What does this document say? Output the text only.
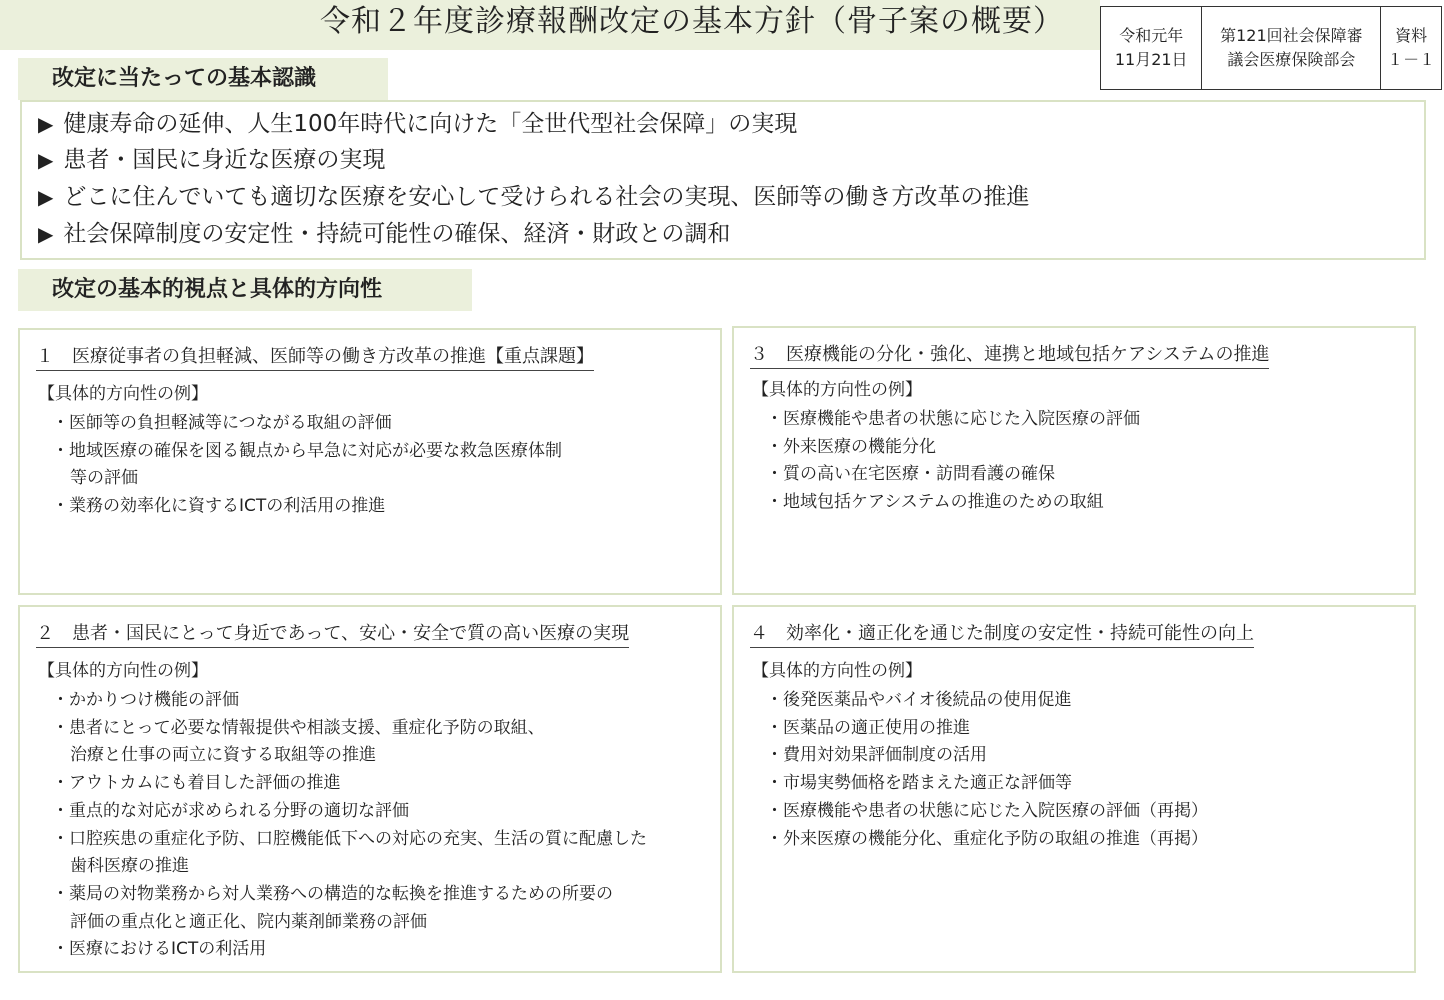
令和２年度診療報酬改定の基本方針（骨子案の概要）	令和元年
11月21日
第121回社会保障審
議会医療保険部会
資料
１－１
改定に当たっての基本認識
▶ 健康寿命の延伸、人生100年時代に向けた「全世代型社会保障」の実現
▶ 患者・国民に身近な医療の実現
▶ どこに住んでいても適切な医療を安心して受けられる社会の実現、医師等の働き方改革の推進
▶ 社会保障制度の安定性・持続可能性の確保、経済・財政との調和
改定の基本的視点と具体的方向性
１　医療従事者の負担軽減、医師等の働き方改革の推進【重点課題】
【具体的方向性の例】
・医師等の負担軽減等につながる取組の評価
・地域医療の確保を図る観点から早急に対応が必要な救急医療体制
等の評価
・業務の効率化に資するICTの利活用の推進
３　医療機能の分化・強化、連携と地域包括ケアシステムの推進
【具体的方向性の例】
・医療機能や患者の状態に応じた入院医療の評価
・外来医療の機能分化
・質の高い在宅医療・訪問看護の確保
・地域包括ケアシステムの推進のための取組
２　患者・国民にとって身近であって、安心・安全で質の高い医療の実現
【具体的方向性の例】
・かかりつけ機能の評価
・患者にとって必要な情報提供や相談支援、重症化予防の取組、
治療と仕事の両立に資する取組等の推進
・アウトカムにも着目した評価の推進
・重点的な対応が求められる分野の適切な評価
・口腔疾患の重症化予防、口腔機能低下への対応の充実、生活の質に配慮した
歯科医療の推進
・薬局の対物業務から対人業務への構造的な転換を推進するための所要の
評価の重点化と適正化、院内薬剤師業務の評価
・医療におけるICTの利活用
４　効率化・適正化を通じた制度の安定性・持続可能性の向上
【具体的方向性の例】
・後発医薬品やバイオ後続品の使用促進
・医薬品の適正使用の推進
・費用対効果評価制度の活用
・市場実勢価格を踏まえた適正な評価等
・医療機能や患者の状態に応じた入院医療の評価（再掲）
・外来医療の機能分化、重症化予防の取組の推進（再掲）
